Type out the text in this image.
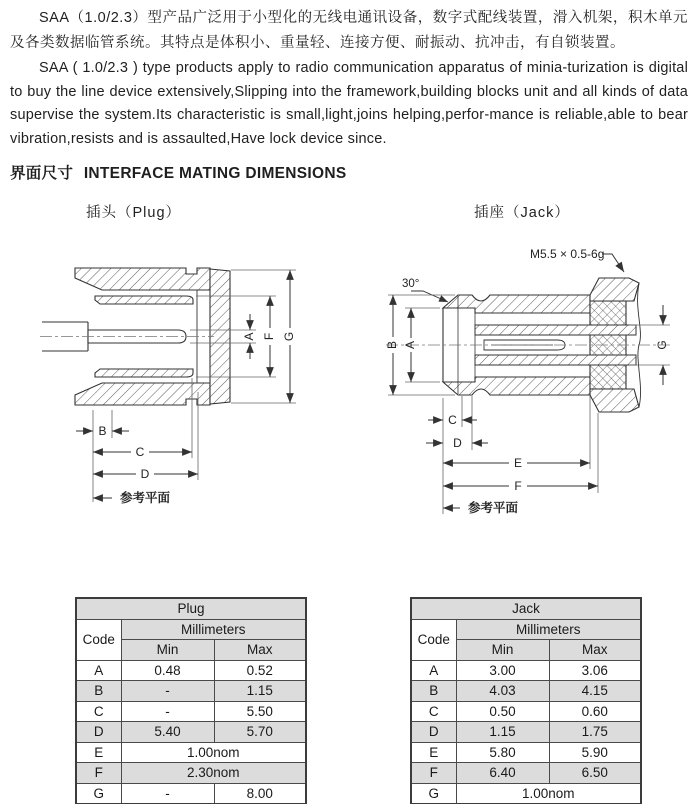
SAA（1.0/2.3）型产品广泛用于小型化的无线电通讯设备，数字式配线装置，滑入机架，积木单元及各类数据临管系统。其特点是体积小、重量轻、连接方便、耐振动、抗冲击，有自锁装置。
SAA ( 1.0/2.3 ) type products apply to radio communication apparatus of minia-turization is digital to buy the line device extensively,Slipping into the framework,building blocks unit and all kinds of data supervise the system.Its characteristic is small,light,joins helping,perfor-mance is reliable,able to bear vibration,resists and is assaulted,Have lock device since.
界面尺寸 INTERFACE MATING DIMENSIONS
插头（Plug）	插座（Jack）
A F G
B
C
D
参考平面
M5.5 × 0.5-6g
30°
B A	G
C
D
E
F
参考平面
Plug		
Code	Millimeters	
	Min	Max
A	0.48	0.52
B	-	1.15
C	-	5.50
D	5.40	5.70
E	1.00nom	
F	2.30nom	
G	-	8.00
Jack		
Code	Millimeters	
	Min	Max
A	3.00	3.06
B	4.03	4.15
C	0.50	0.60
D	1.15	1.75
E	5.80	5.90
F	6.40	6.50
G	1.00nom	
